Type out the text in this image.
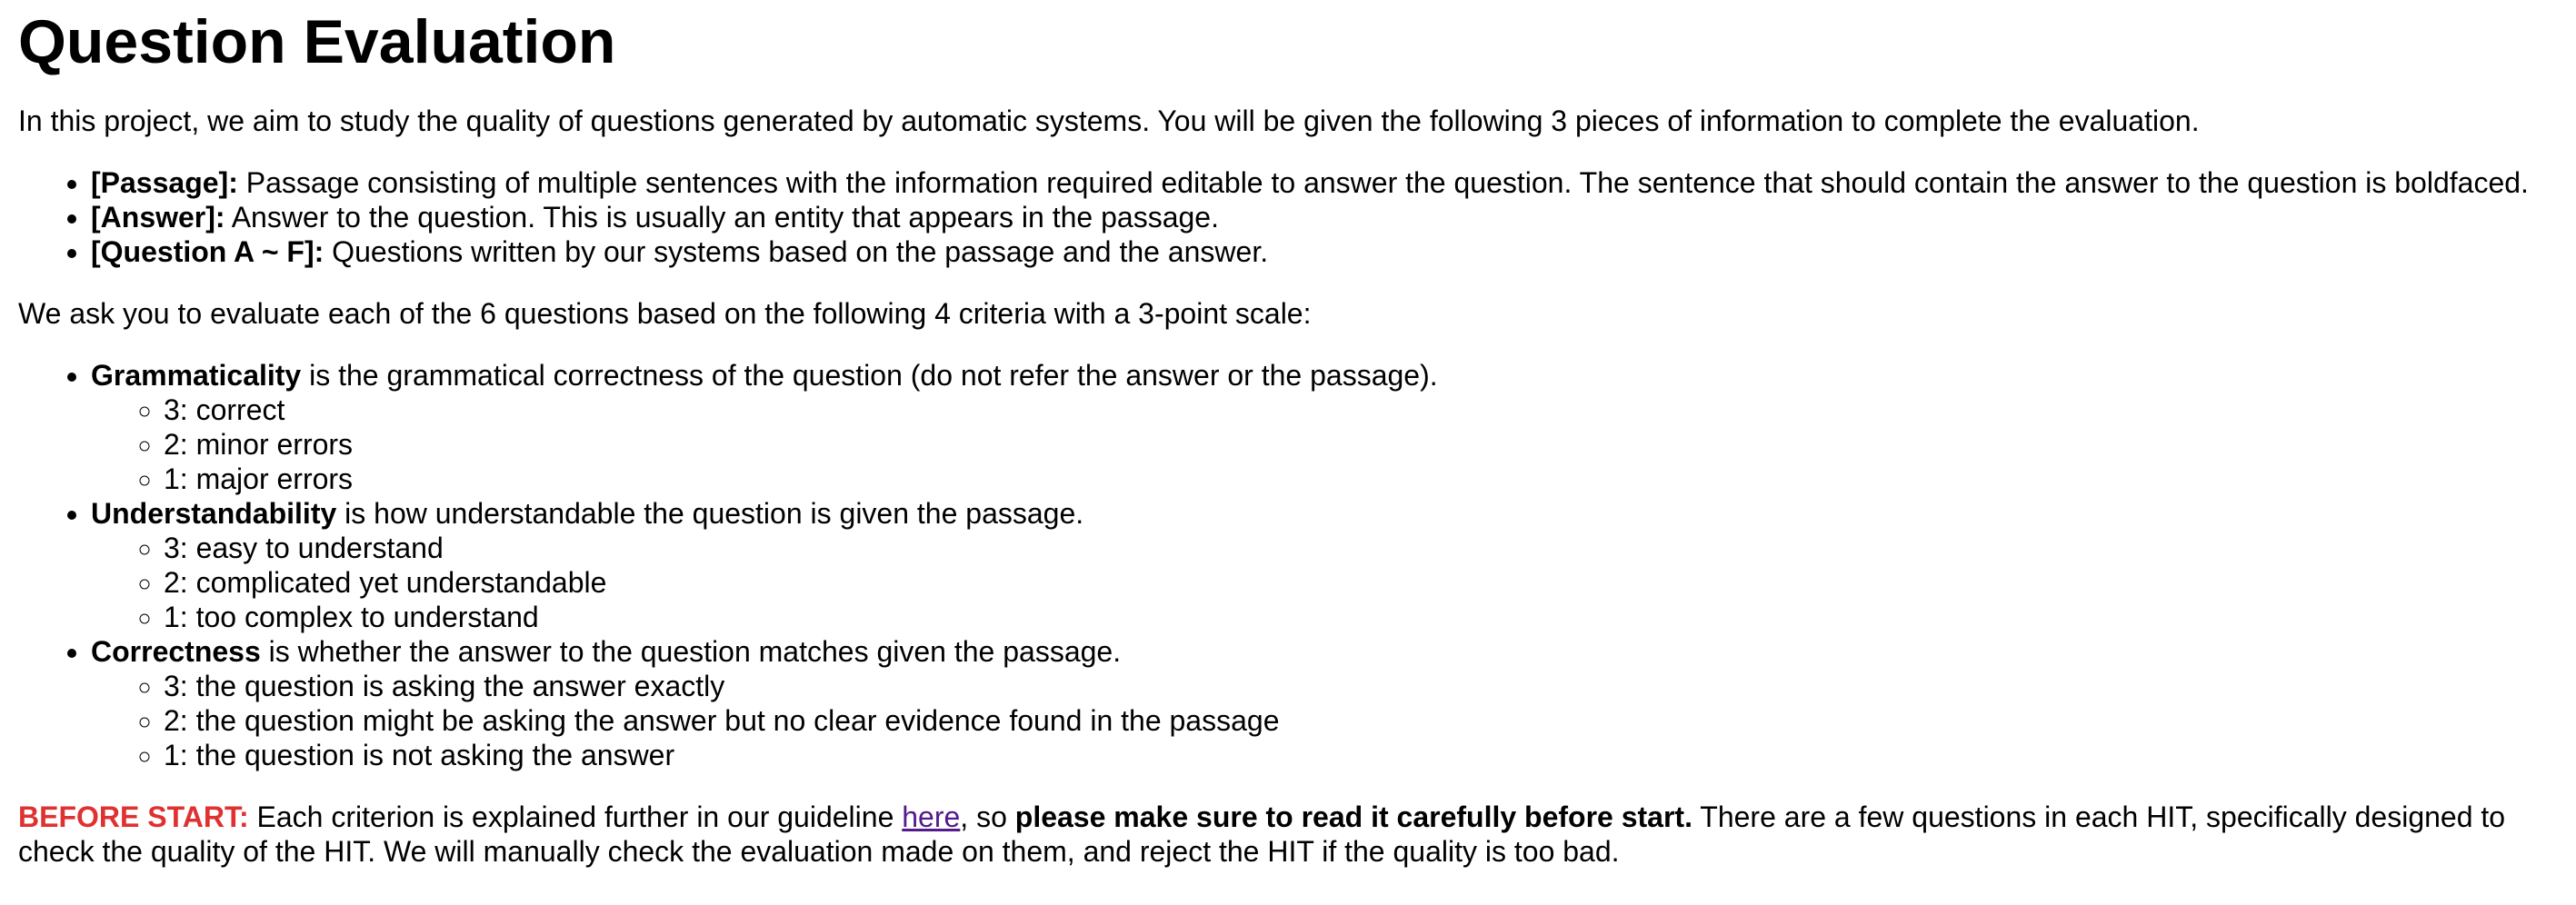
Question Evaluation

In this project, we aim to study the quality of questions generated by automatic systems. You will be given the following 3 pieces of information to complete the evaluation.

• [Passage]: Passage consisting of multiple sentences with the information required editable to answer the question. The sentence that should contain the answer to the question is boldfaced.
• [Answer]: Answer to the question. This is usually an entity that appears in the passage.
• [Question A ~ F]: Questions written by our systems based on the passage and the answer.

We ask you to evaluate each of the 6 questions based on the following 4 criteria with a 3-point scale:

• Grammaticality is the grammatical correctness of the question (do not refer the answer or the passage).
◦ 3: correct
◦ 2: minor errors
◦ 1: major errors
• Understandability is how understandable the question is given the passage.
◦ 3: easy to understand
◦ 2: complicated yet understandable
◦ 1: too complex to understand
• Correctness is whether the answer to the question matches given the passage.
◦ 3: the question is asking the answer exactly
◦ 2: the question might be asking the answer but no clear evidence found in the passage
◦ 1: the question is not asking the answer

BEFORE START: Each criterion is explained further in our guideline here, so please make sure to read it carefully before start. There are a few questions in each HIT, specifically designed to check the quality of the HIT. We will manually check the evaluation made on them, and reject the HIT if the quality is too bad.
